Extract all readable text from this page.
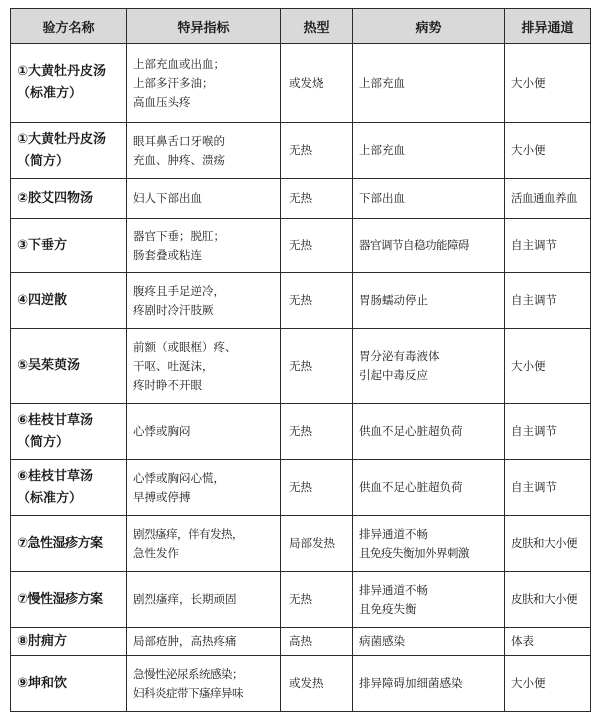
验方名称	特异指标	热型	病势	排异通道

①大黄牡丹皮汤
（标准方）	上部充血或出血；
上部多汗多油；
高血压头疼	或发烧	上部充血	大小便

①大黄牡丹皮汤
（简方）	眼耳鼻舌口牙喉的
充血、肿疼、溃疡	无热	上部充血	大小便

②胶艾四物汤	妇人下部出血	无热	下部出血	活血通血养血

③下垂方	器官下垂；脱肛；
肠套叠或粘连	无热	器官调节自稳功能障碍	自主调节

④四逆散	腹疼且手足逆冷，
疼剧时冷汗肢厥	无热	胃肠蠕动停止	自主调节

⑤吴茱萸汤	前额（或眼框）疼、
干呕、吐涎沫，
疼时睁不开眼	无热	胃分泌有毒液体
引起中毒反应	大小便

⑥桂枝甘草汤
（简方）	心悸或胸闷	无热	供血不足心脏超负荷	自主调节

⑥桂枝甘草汤
（标准方）	心悸或胸闷心慌，
早搏或停搏	无热	供血不足心脏超负荷	自主调节

⑦急性湿疹方案	剧烈瘙痒，伴有发热，
急性发作	局部发热	排异通道不畅
且免疫失衡加外界刺激	皮肤和大小便

⑦慢性湿疹方案	剧烈瘙痒，长期顽固	无热	排异通道不畅
且免疫失衡	皮肤和大小便

⑧肘痈方	局部疮肿，高热疼痛	高热	病菌感染	体表

⑨坤和饮	急慢性泌尿系统感染；
妇科炎症带下瘙痒异味	或发热	排异障碍加细菌感染	大小便
